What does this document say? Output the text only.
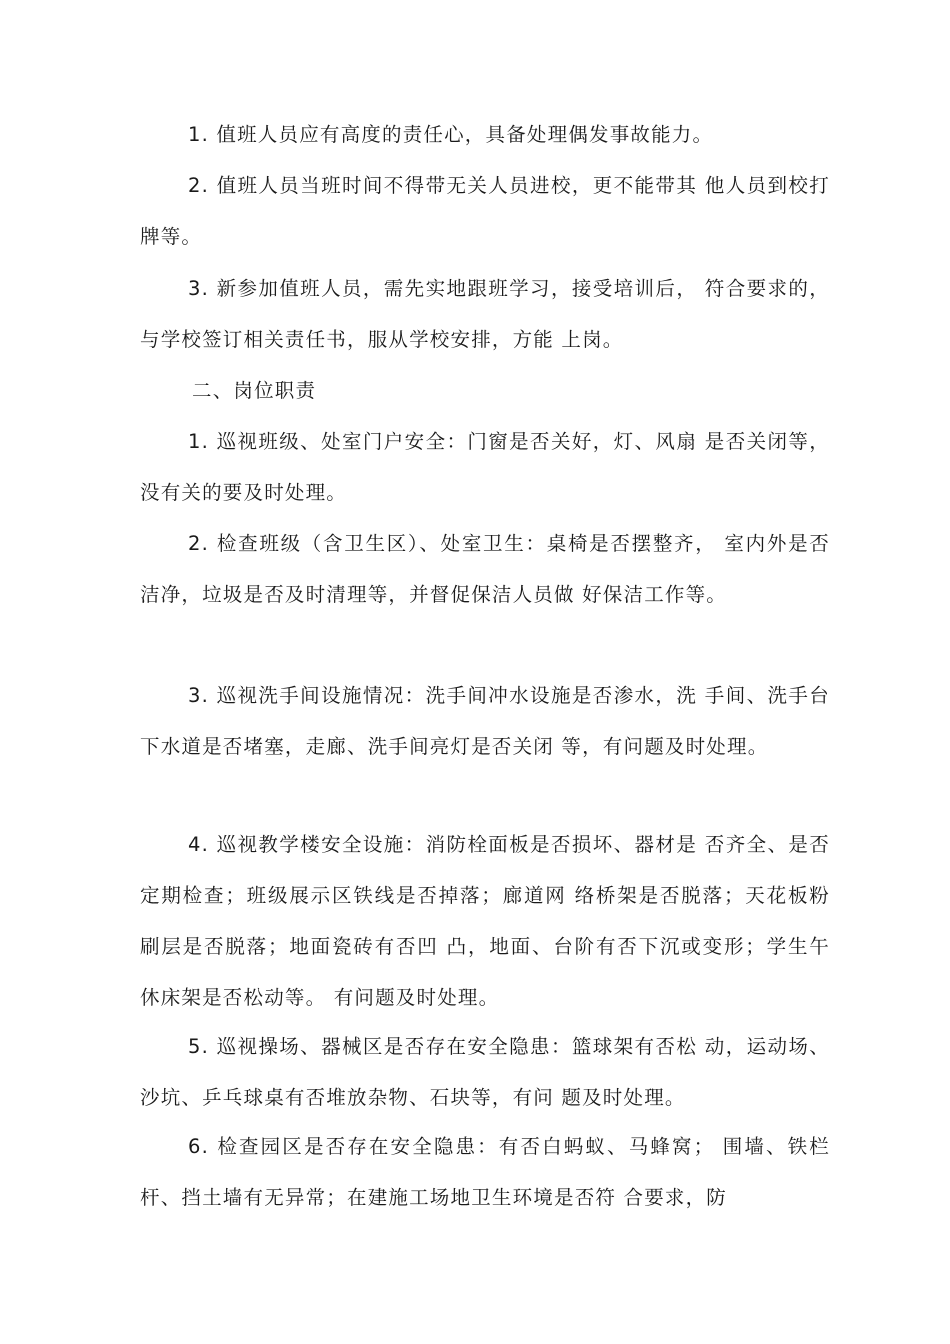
1. 值班人员应有高度的责任心，具备处理偶发事故能力。

2. 值班人员当班时间不得带无关人员进校，更不能带其 他人员到校打牌等。

3. 新参加值班人员，需先实地跟班学习，接受培训后， 符合要求的，与学校签订相关责任书，服从学校安排，方能 上岗。

二、岗位职责

1. 巡视班级、处室门户安全：门窗是否关好，灯、风扇 是否关闭等，没有关的要及时处理。

2. 检查班级（含卫生区）、处室卫生：桌椅是否摆整齐， 室内外是否洁净，垃圾是否及时清理等，并督促保洁人员做 好保洁工作等。

3. 巡视洗手间设施情况：洗手间冲水设施是否渗水，洗 手间、洗手台下水道是否堵塞，走廊、洗手间亮灯是否关闭 等，有问题及时处理。

4. 巡视教学楼安全设施：消防栓面板是否损坏、器材是 否齐全、是否定期检查；班级展示区铁线是否掉落；廊道网 络桥架是否脱落；天花板粉刷层是否脱落；地面瓷砖有否凹 凸，地面、台阶有否下沉或变形；学生午休床架是否松动等。 有问题及时处理。

5. 巡视操场、器械区是否存在安全隐患：篮球架有否松 动，运动场、沙坑、乒乓球桌有否堆放杂物、石块等，有问 题及时处理。

6. 检查园区是否存在安全隐患：有否白蚂蚁、马蜂窝； 围墙、铁栏杆、挡土墙有无异常；在建施工场地卫生环境是否符 合要求，防
